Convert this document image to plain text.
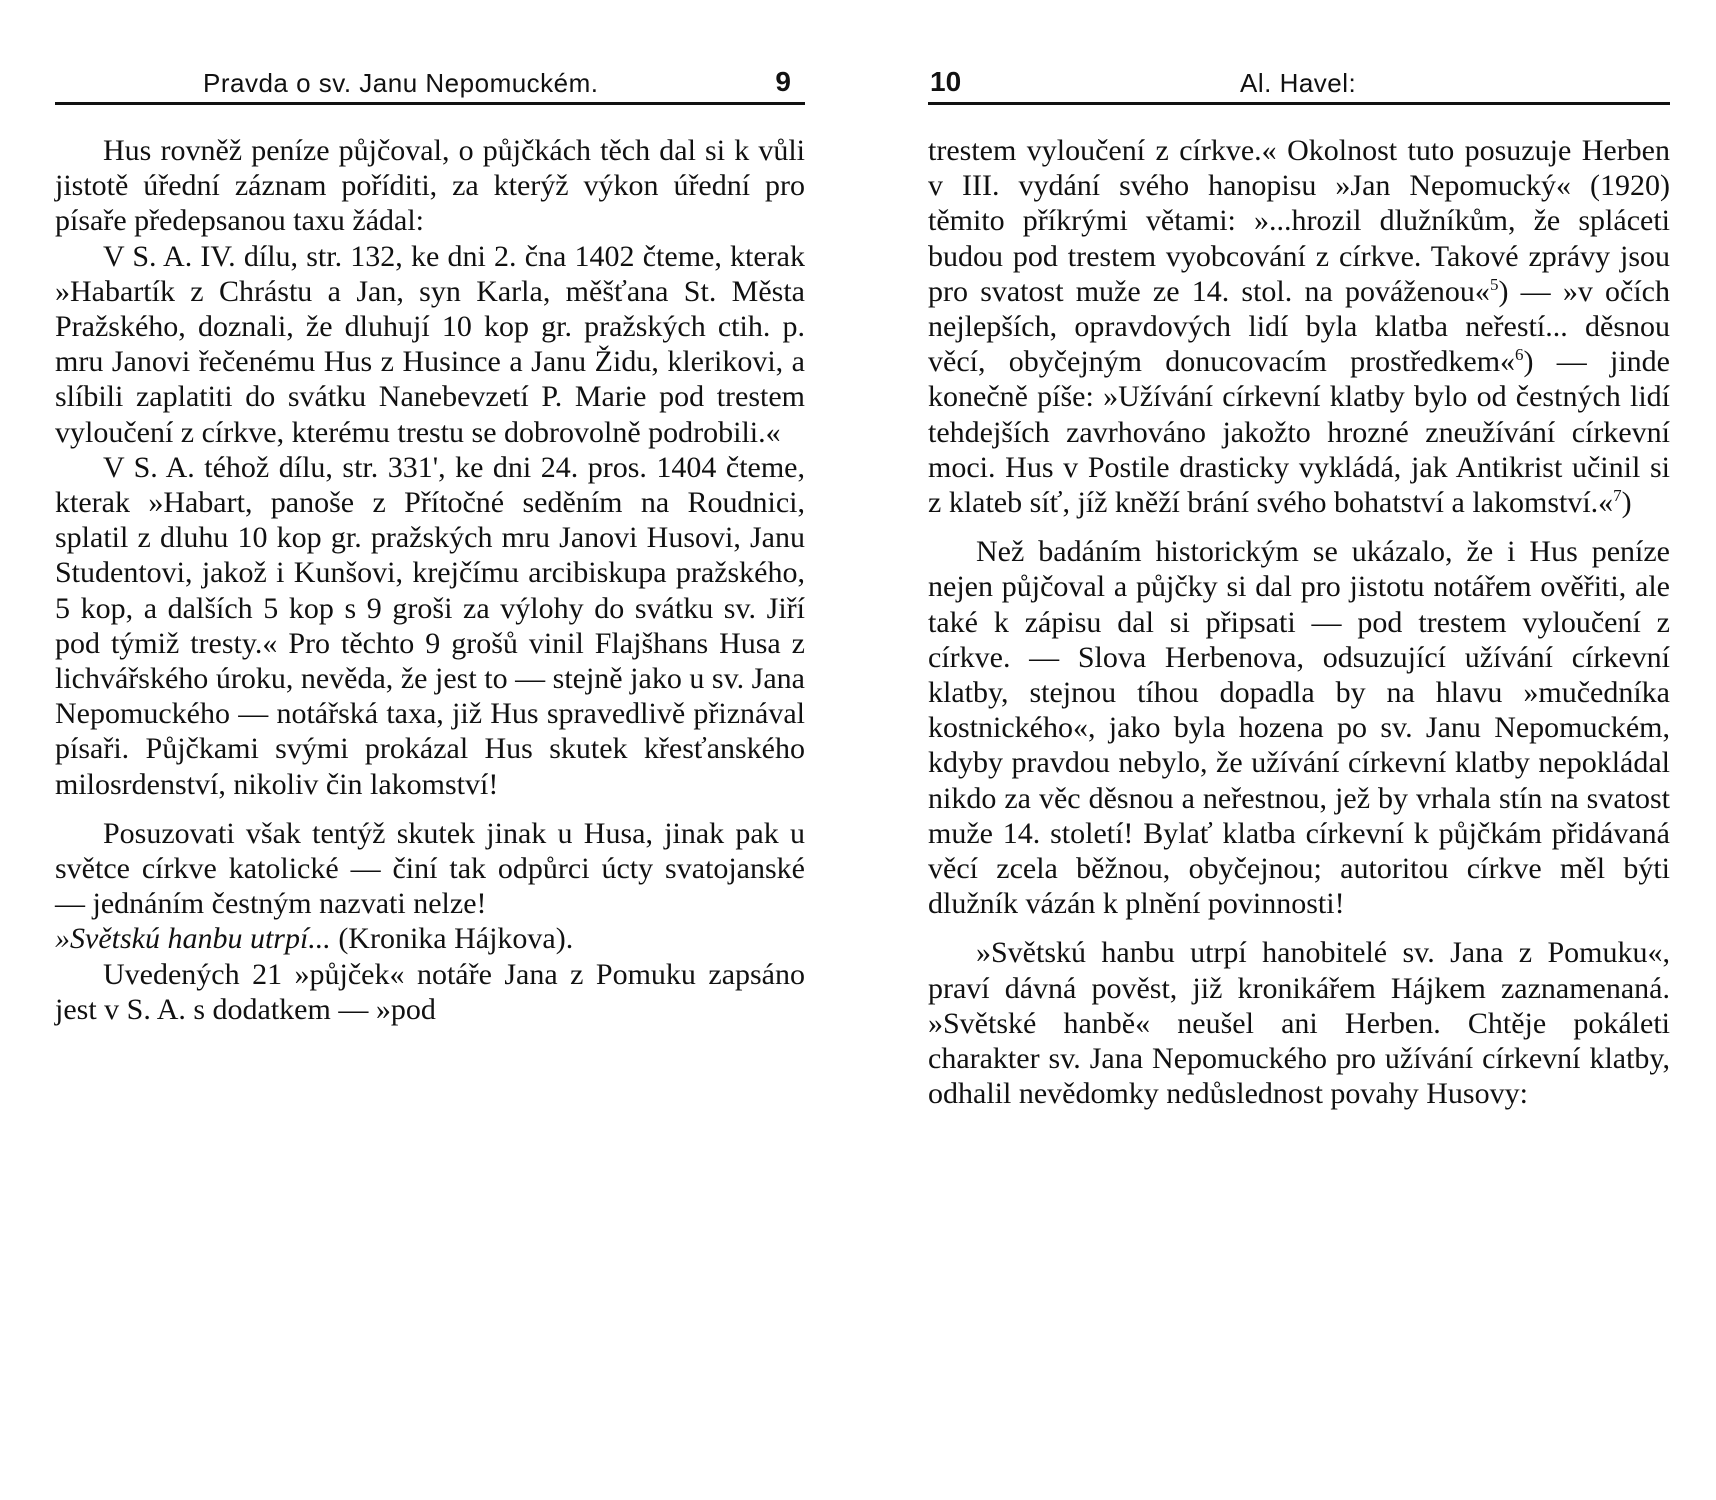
Pravda o sv. Janu Nepomuckém.	9

Hus rovněž peníze půjčoval, o půjčkách těch dal si k vůli jistotě úřední záznam poříditi, za kterýž výkon úřední pro písaře předepsanou taxu žádal:

V S. A. IV. dílu, str. 132, ke dni 2. čna 1402 čteme, kterak »Habartík z Chrástu a Jan, syn Karla, měšťana St. Města Pražského, doznali, že dluhují 10 kop gr. pražských ctih. p. mru Janovi řečenému Hus z Husince a Janu Židu, klerikovi, a slíbili zaplatiti do svátku Nanebevzetí P. Marie pod trestem vyloučení z církve, kterému trestu se dobrovolně podrobili.«

V S. A. téhož dílu, str. 331', ke dni 24. pros. 1404 čteme, kterak »Habart, panoše z Přítočné seděním na Roudnici, splatil z dluhu 10 kop gr. pražských mru Janovi Husovi, Janu Studentovi, jakož i Kunšovi, krejčímu arcibiskupa pražského, 5 kop, a dalších 5 kop s 9 groši za výlohy do svátku sv. Jiří pod týmiž tresty.« Pro těchto 9 grošů vinil Flajšhans Husa z lichvářského úroku, nevěda, že jest to — stejně jako u sv. Jana Nepomuckého — notářská taxa, již Hus spravedlivě přiznával písaři. Půjčkami svými prokázal Hus skutek křesťanského milosrdenství, nikoliv čin lakomství!

Posuzovati však tentýž skutek jinak u Husa, jinak pak u světce církve katolické — činí tak odpůrci úcty svatojanské — jednáním čestným nazvati nelze!

»Světskú hanbu utrpí... (Kronika Hájkova).

Uvedených 21 »půjček« notáře Jana z Pomuku zapsáno jest v S. A. s dodatkem — »pod

10	Al. Havel:

trestem vyloučení z církve.« Okolnost tuto posuzuje Herben v III. vydání svého hanopisu »Jan Nepomucký« (1920) těmito příkrými větami: »...hrozil dlužníkům, že spláceti budou pod trestem vyobcování z církve. Takové zprávy jsou pro svatost muže ze 14. stol. na pováženou«$^5$) — »v očích nejlepších, opravdových lidí byla klatba neřestí... děsnou věcí, obyčejným donucovacím prostředkem«$^6$) — jinde konečně píše: »Užívání církevní klatby bylo od čestných lidí tehdejších zavrhováno jakožto hrozné zneužívání církevní moci. Hus v Postile drasticky vykládá, jak Antikrist učinil si z klateb síť, jíž kněží brání svého bohatství a lakomství.«$^7$)

Než badáním historickým se ukázalo, že i Hus peníze nejen půjčoval a půjčky si dal pro jistotu notářem ověřiti, ale také k zápisu dal si připsati — pod trestem vyloučení z církve. — Slova Herbenova, odsuzující užívání církevní klatby, stejnou tíhou dopadla by na hlavu »mučedníka kostnického«, jako byla hozena po sv. Janu Nepomuckém, kdyby pravdou nebylo, že užívání církevní klatby nepokládal nikdo za věc děsnou a neřestnou, jež by vrhala stín na svatost muže 14. století! Bylať klatba církevní k půjčkám přidávaná věcí zcela běžnou, obyčejnou; autoritou církve měl býti dlužník vázán k plnění povinnosti!

»Světskú hanbu utrpí hanobitelé sv. Jana z Pomuku«, praví dávná pověst, již kronikářem Hájkem zaznamenaná. »Světské hanbě« neušel ani Herben. Chtěje pokáleti charakter sv. Jana Nepomuckého pro užívání církevní klatby, odhalil nevědomky nedůslednost povahy Husovy:
